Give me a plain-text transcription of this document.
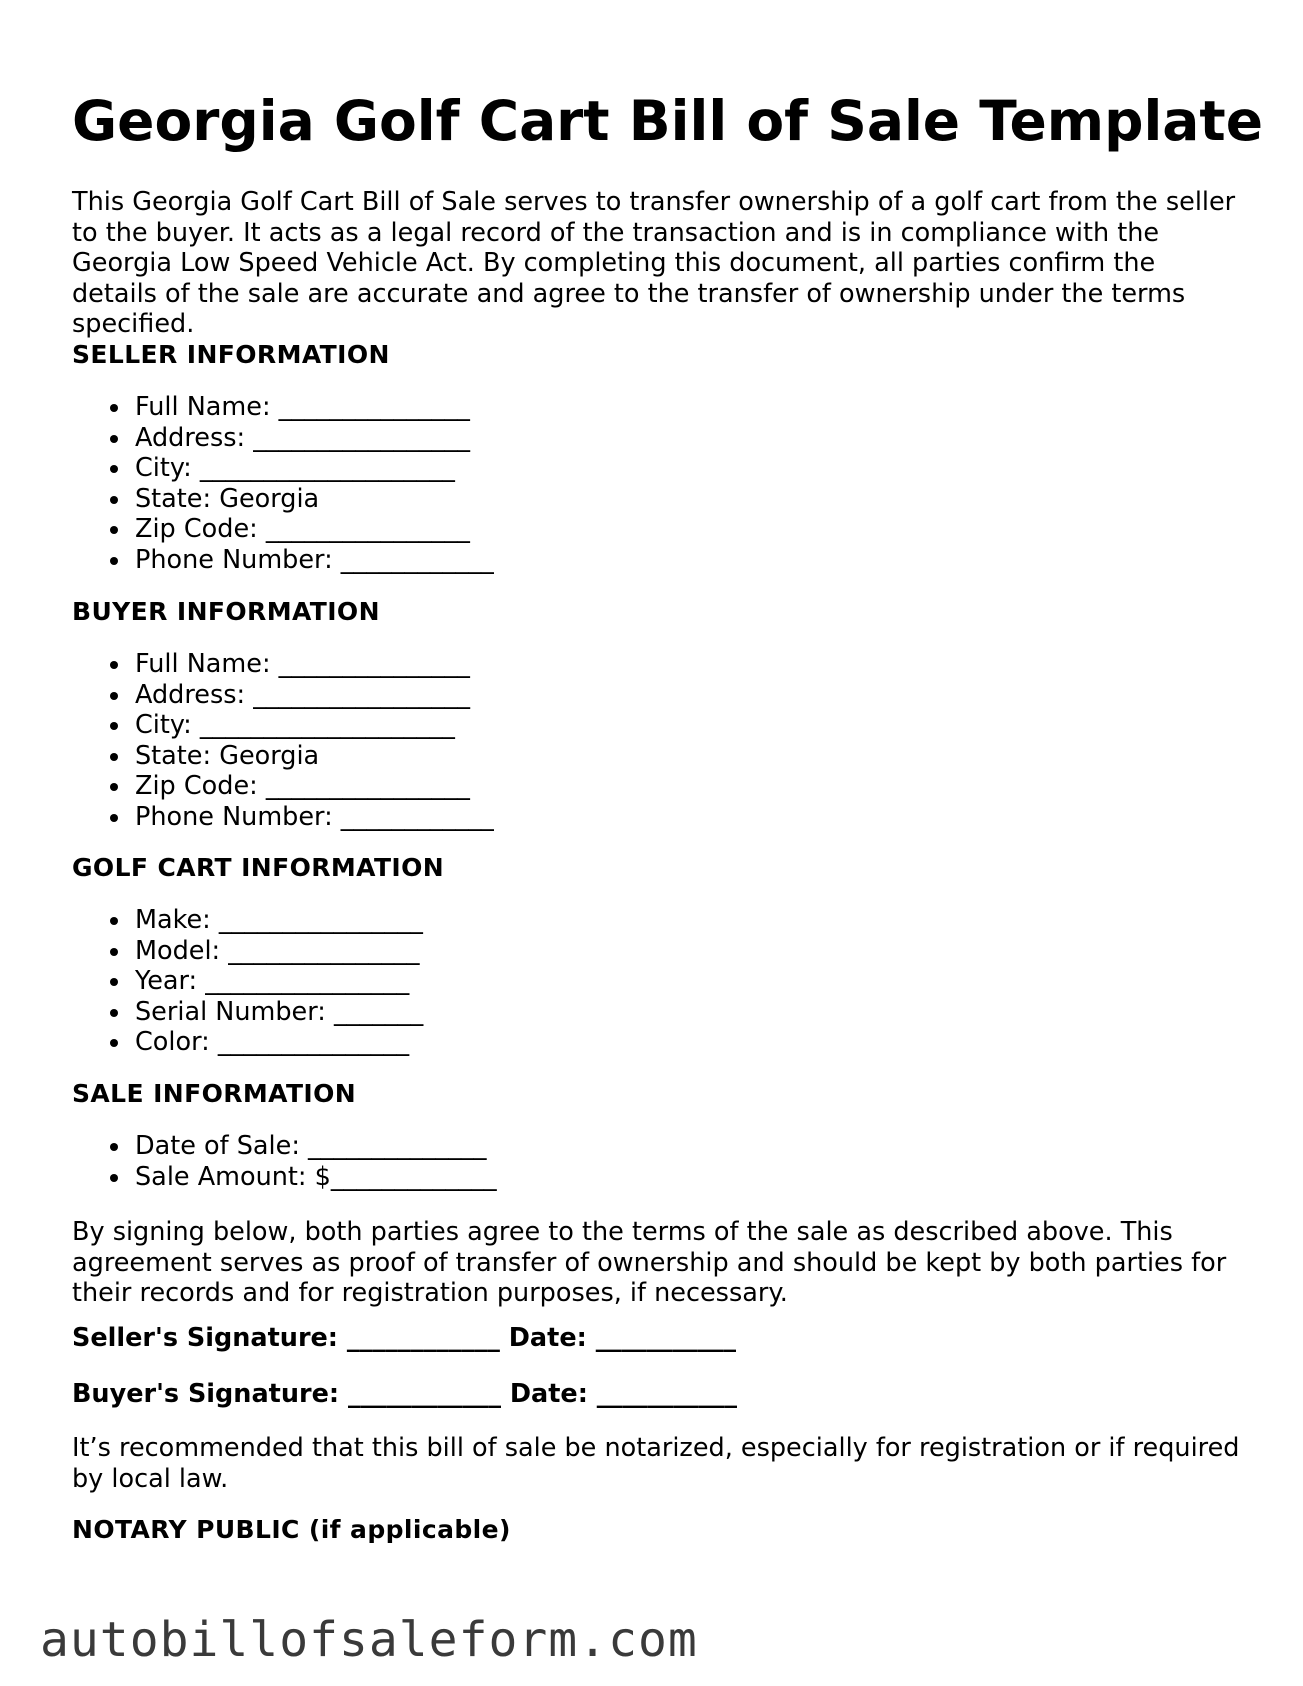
Georgia Golf Cart Bill of Sale Template

This Georgia Golf Cart Bill of Sale serves to transfer ownership of a golf cart from the seller to the buyer. It acts as a legal record of the transaction and is in compliance with the Georgia Low Speed Vehicle Act. By completing this document, all parties confirm the details of the sale are accurate and agree to the transfer of ownership under the terms specified.

SELLER INFORMATION
Full Name: _______________
Address: _________________
City: ____________________
State: Georgia
Zip Code: ________________
Phone Number: ____________
BUYER INFORMATION
Full Name: _______________
Address: _________________
City: ____________________
State: Georgia
Zip Code: ________________
Phone Number: ____________
GOLF CART INFORMATION
Make: ________________
Model: _______________
Year: ________________
Serial Number: _______
Color: _______________
SALE INFORMATION
Date of Sale: ______________
Sale Amount: $_____________

By signing below, both parties agree to the terms of the sale as described above. This agreement serves as proof of transfer of ownership and should be kept by both parties for their records and for registration purposes, if necessary.

Seller's Signature: ____________ Date: ___________

Buyer's Signature: ____________ Date: ___________

It’s recommended that this bill of sale be notarized, especially for registration or if required by local law.

NOTARY PUBLIC (if applicable)
autobillofsaleform.com
